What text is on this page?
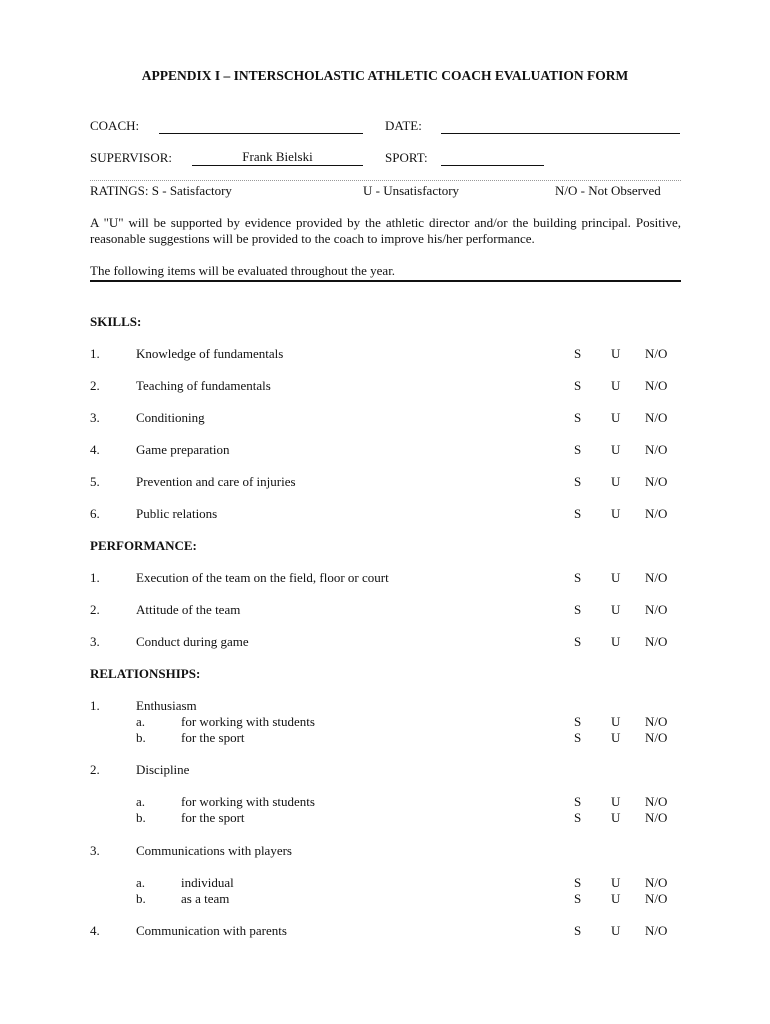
APPENDIX I – INTERSCHOLASTIC ATHLETIC COACH EVALUATION FORM
COACH:	DATE:
SUPERVISOR:	Frank Bielski	SPORT:
RATINGS: S - Satisfactory	U - Unsatisfactory	N/O - Not Observed
A "U" will be supported by evidence provided by the athletic director and/or the building principal. Positive, reasonable suggestions will be provided to the coach to improve his/her performance.
The following items will be evaluated throughout the year.
SKILLS:
1.	Knowledge of fundamentals	S U N/O
2.	Teaching of fundamentals	S U N/O
3.	Conditioning	S U N/O
4.	Game preparation	S U N/O
5.	Prevention and care of injuries	S U N/O
6.	Public relations	S U N/O
PERFORMANCE:
1.	Execution of the team on the field, floor or court	S U N/O
2.	Attitude of the team	S U N/O
3.	Conduct during game	S U N/O
RELATIONSHIPS:
1.	Enthusiasm
a.	for working with students	S U N/O
b.	for the sport	S U N/O
2.	Discipline
a.	for working with students	S U N/O
b.	for the sport	S U N/O
3.	Communications with players
a.	individual	S U N/O
b.	as a team	S U N/O
4.	Communication with parents	S U N/O
